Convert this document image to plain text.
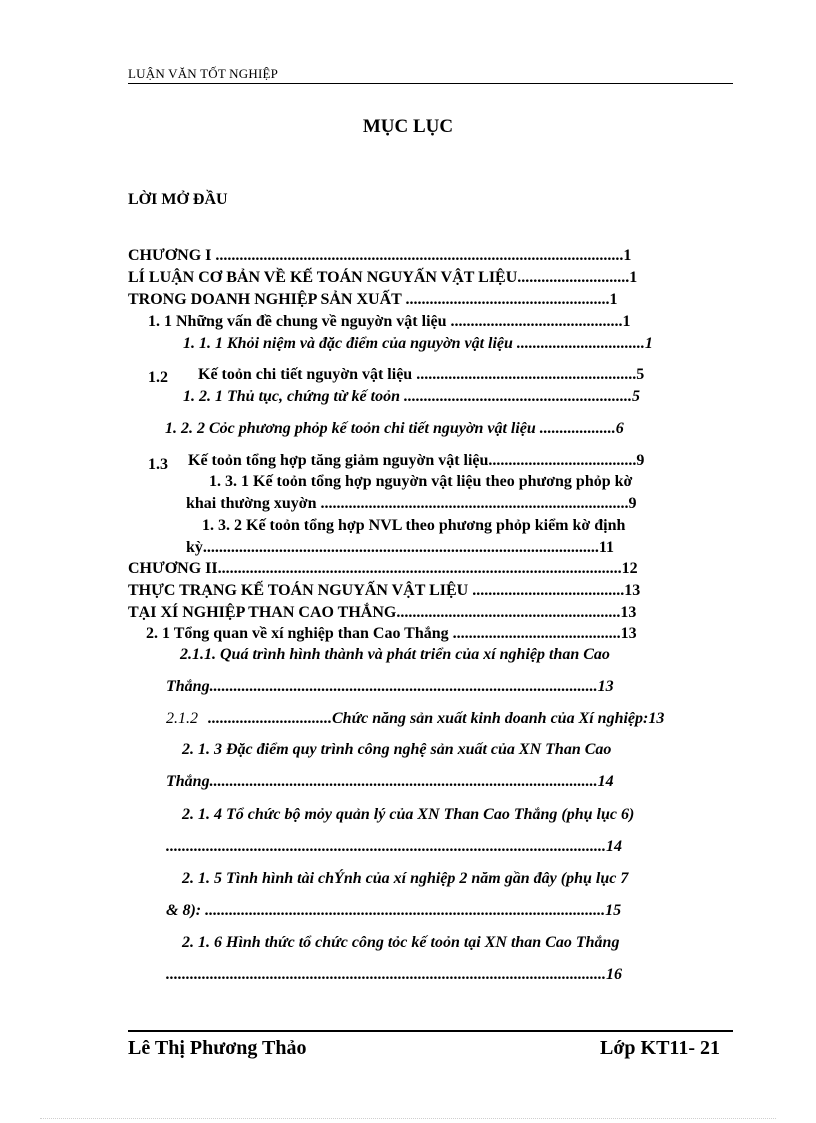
LUẬN VĂN TỐT NGHIỆP
MỤC LỤC
LỜI MỞ ĐẦU
CHƯƠNG I ......................................................................................................1
LÍ LUẬN CƠ BẢN VỀ KẾ TOÁN NGUYẤN VẬT LIỆU............................1
TRONG DOANH NGHIỆP SẢN XUẤT ...................................................1
1. 1 Những vấn đề chung về nguyờn vật liệu ...........................................1
1. 1. 1 Khỏi niệm và đặc điểm của nguyờn vật liệu ................................1
1.2 Kế toỏn chi tiết nguyờn vật liệu .......................................................5
1. 2. 1 Thủ tục, chứng từ kế toỏn .........................................................5
1. 2. 2 Cỏc phương phỏp kế toỏn chi tiết nguyờn vật liệu ...................6
1.3 Kế toỏn tổng hợp tăng giảm nguyờn vật liệu.....................................9
1. 3. 1 Kế toỏn tổng hợp nguyờn vật liệu theo phương phỏp kờ
khai thường xuyờn .............................................................................9
1. 3. 2 Kế toỏn tổng hợp NVL theo phương phỏp kiểm kờ định
kỳ...................................................................................................11
CHƯƠNG II.....................................................................................................12
THỰC TRẠNG KẾ TOÁN NGUYẤN VẬT LIỆU ......................................13
TẠI XÍ NGHIỆP THAN CAO THẮNG........................................................13
2. 1 Tổng quan về xí nghiệp than Cao Thắng ..........................................13
2.1.1. Quá trình hình thành và phát triển của xí nghiệp than Cao
Thắng.................................................................................................13
2.1.2 ...............................Chức năng sản xuất kinh doanh của Xí nghiệp:13
2. 1. 3 Đặc điểm quy trình công nghệ sản xuất của XN Than Cao
Thắng.................................................................................................14
2. 1. 4 Tổ chức bộ mỏy quản lý của XN Than Cao Thắng (phụ lục 6)
..............................................................................................................14
2. 1. 5 Tình hình tài chÝnh của xí nghiệp 2 năm gần đây (phụ lục 7
& 8): ....................................................................................................15
2. 1. 6 Hình thức tổ chức công tỏc kế toỏn tại XN than Cao Thắng
..............................................................................................................16
Lê Thị Phương Thảo	Lớp KT11- 21
